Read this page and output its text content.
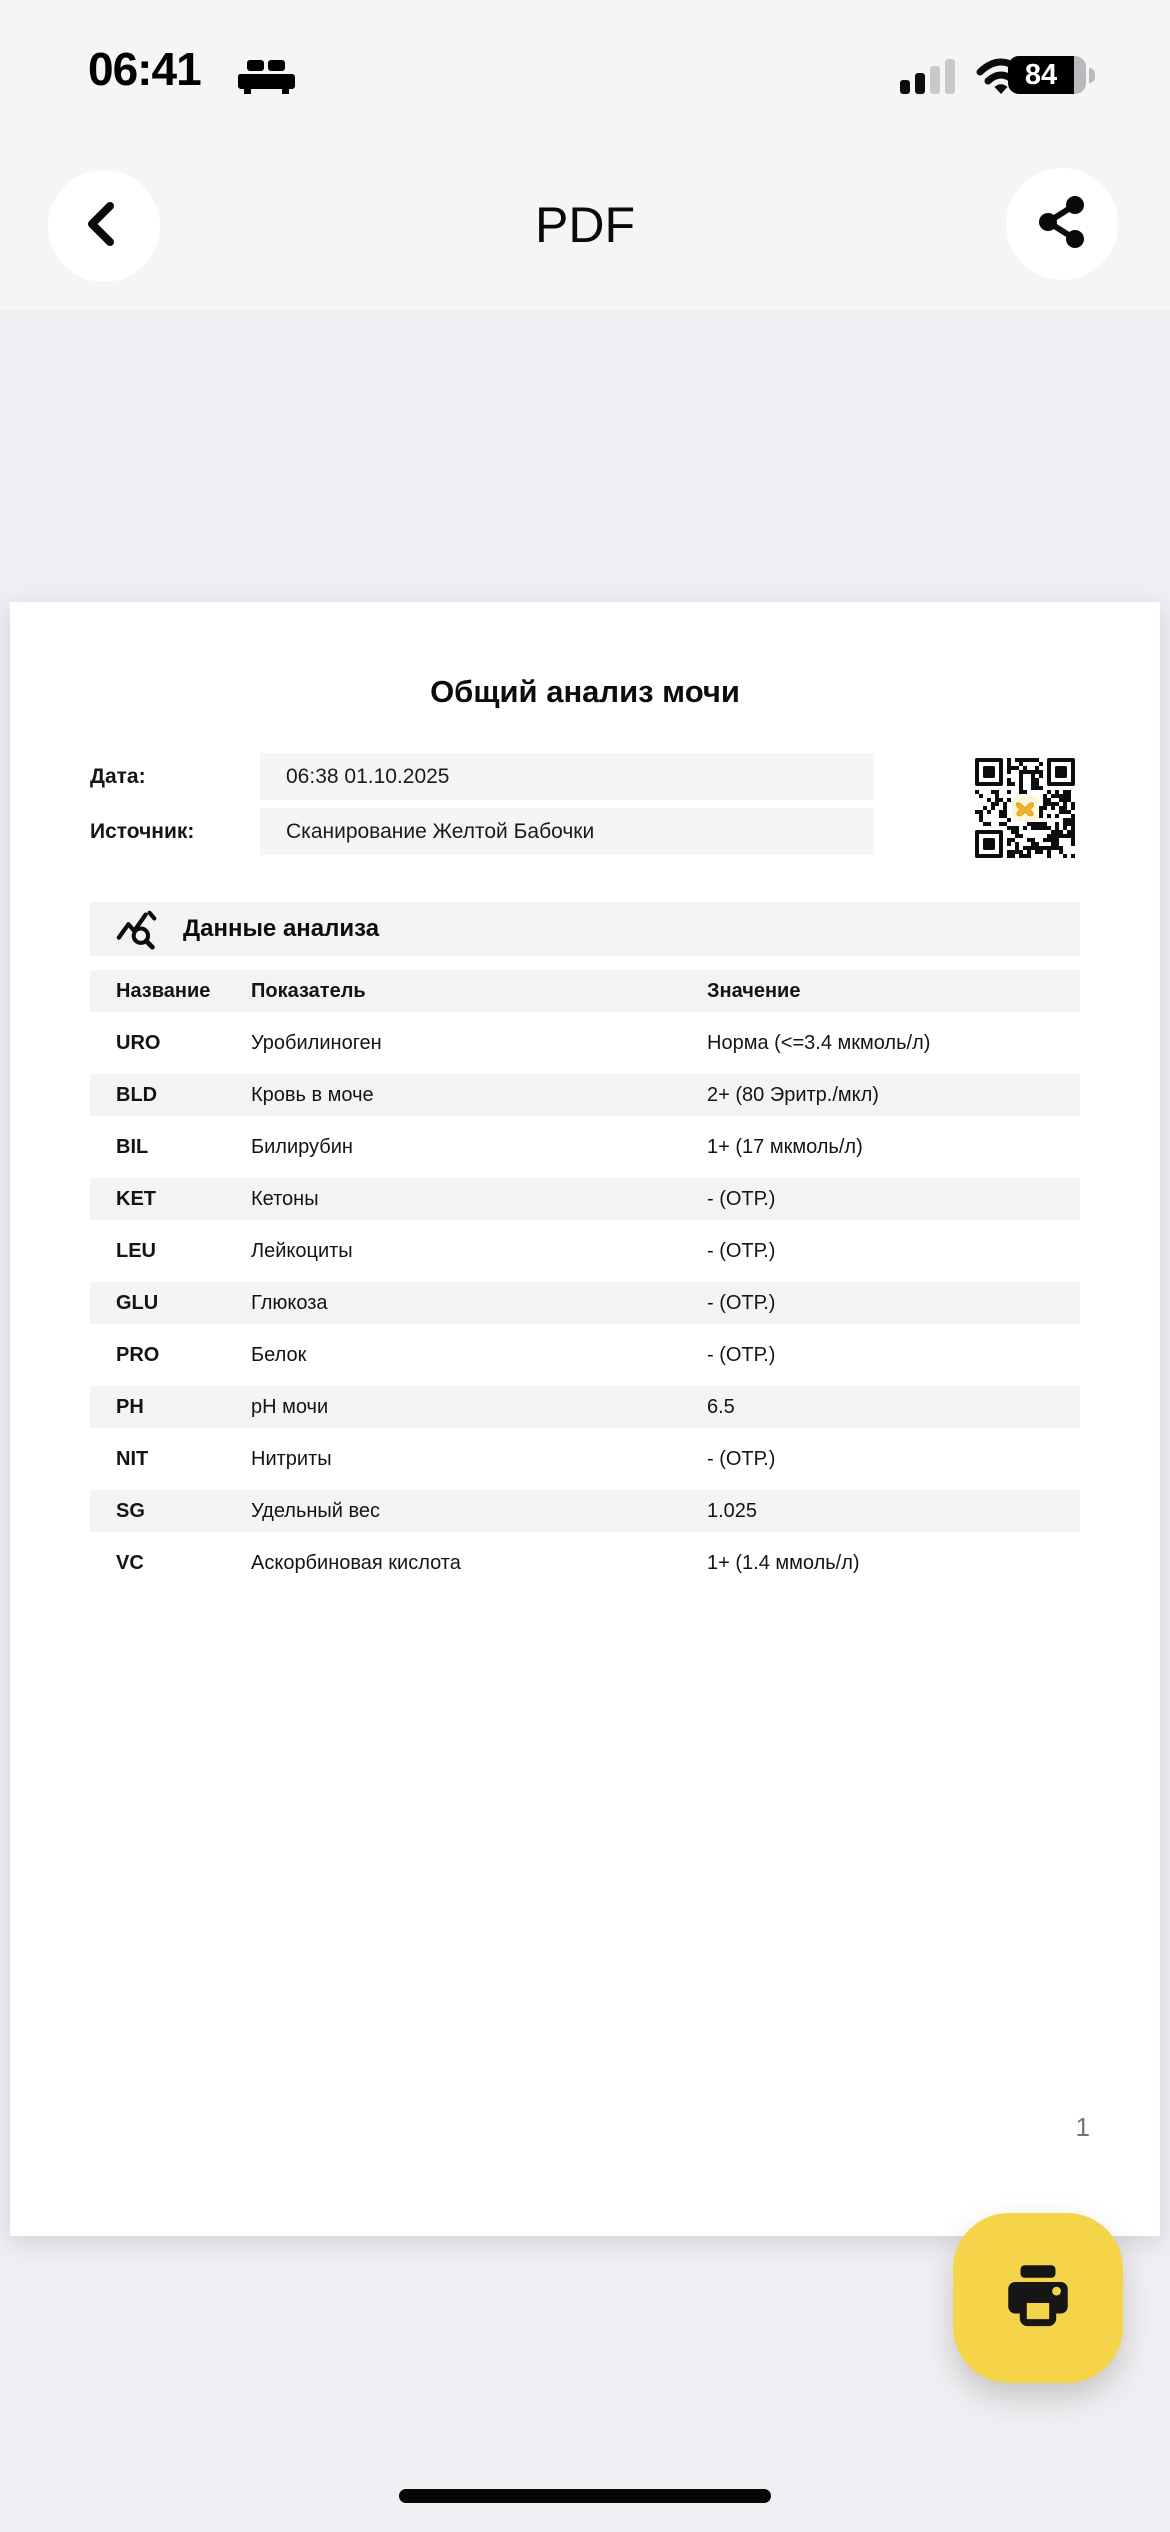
06:41	84
PDF
Общий анализ мочи
Дата:	06:38 01.10.2025
Источник:	Сканирование Желтой Бабочки
Данные анализа
Название	Показатель	Значение
URO	Уробилиноген	Норма (<=3.4 мкмоль/л)
BLD	Кровь в моче	2+ (80 Эритр./мкл)
BIL	Билирубин	1+ (17 мкмоль/л)
KET	Кетоны	- (ОТР.)
LEU	Лейкоциты	- (ОТР.)
GLU	Глюкоза	- (ОТР.)
PRO	Белок	- (ОТР.)
PH	pH мочи	6.5
NIT	Нитриты	- (ОТР.)
SG	Удельный вес	1.025
VC	Аскорбиновая кислота	1+ (1.4 ммоль/л)
1
